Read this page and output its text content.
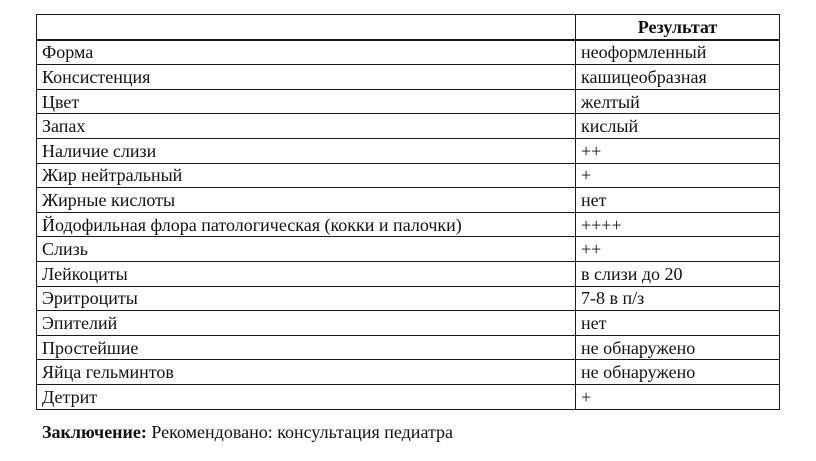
	Результат
Форма	неоформленный
Консистенция	кашицеобразная
Цвет	желтый
Запах	кислый
Наличие слизи	++
Жир нейтральный	+
Жирные кислоты	нет
Йодофильная флора патологическая (кокки и палочки)	++++
Слизь	++
Лейкоциты	в слизи до 20
Эритроциты	7-8 в п/з
Эпителий	нет
Простейшие	не обнаружено
Яйца гельминтов	не обнаружено
Детрит	+
Заключение: Рекомендовано: консультация педиатра
